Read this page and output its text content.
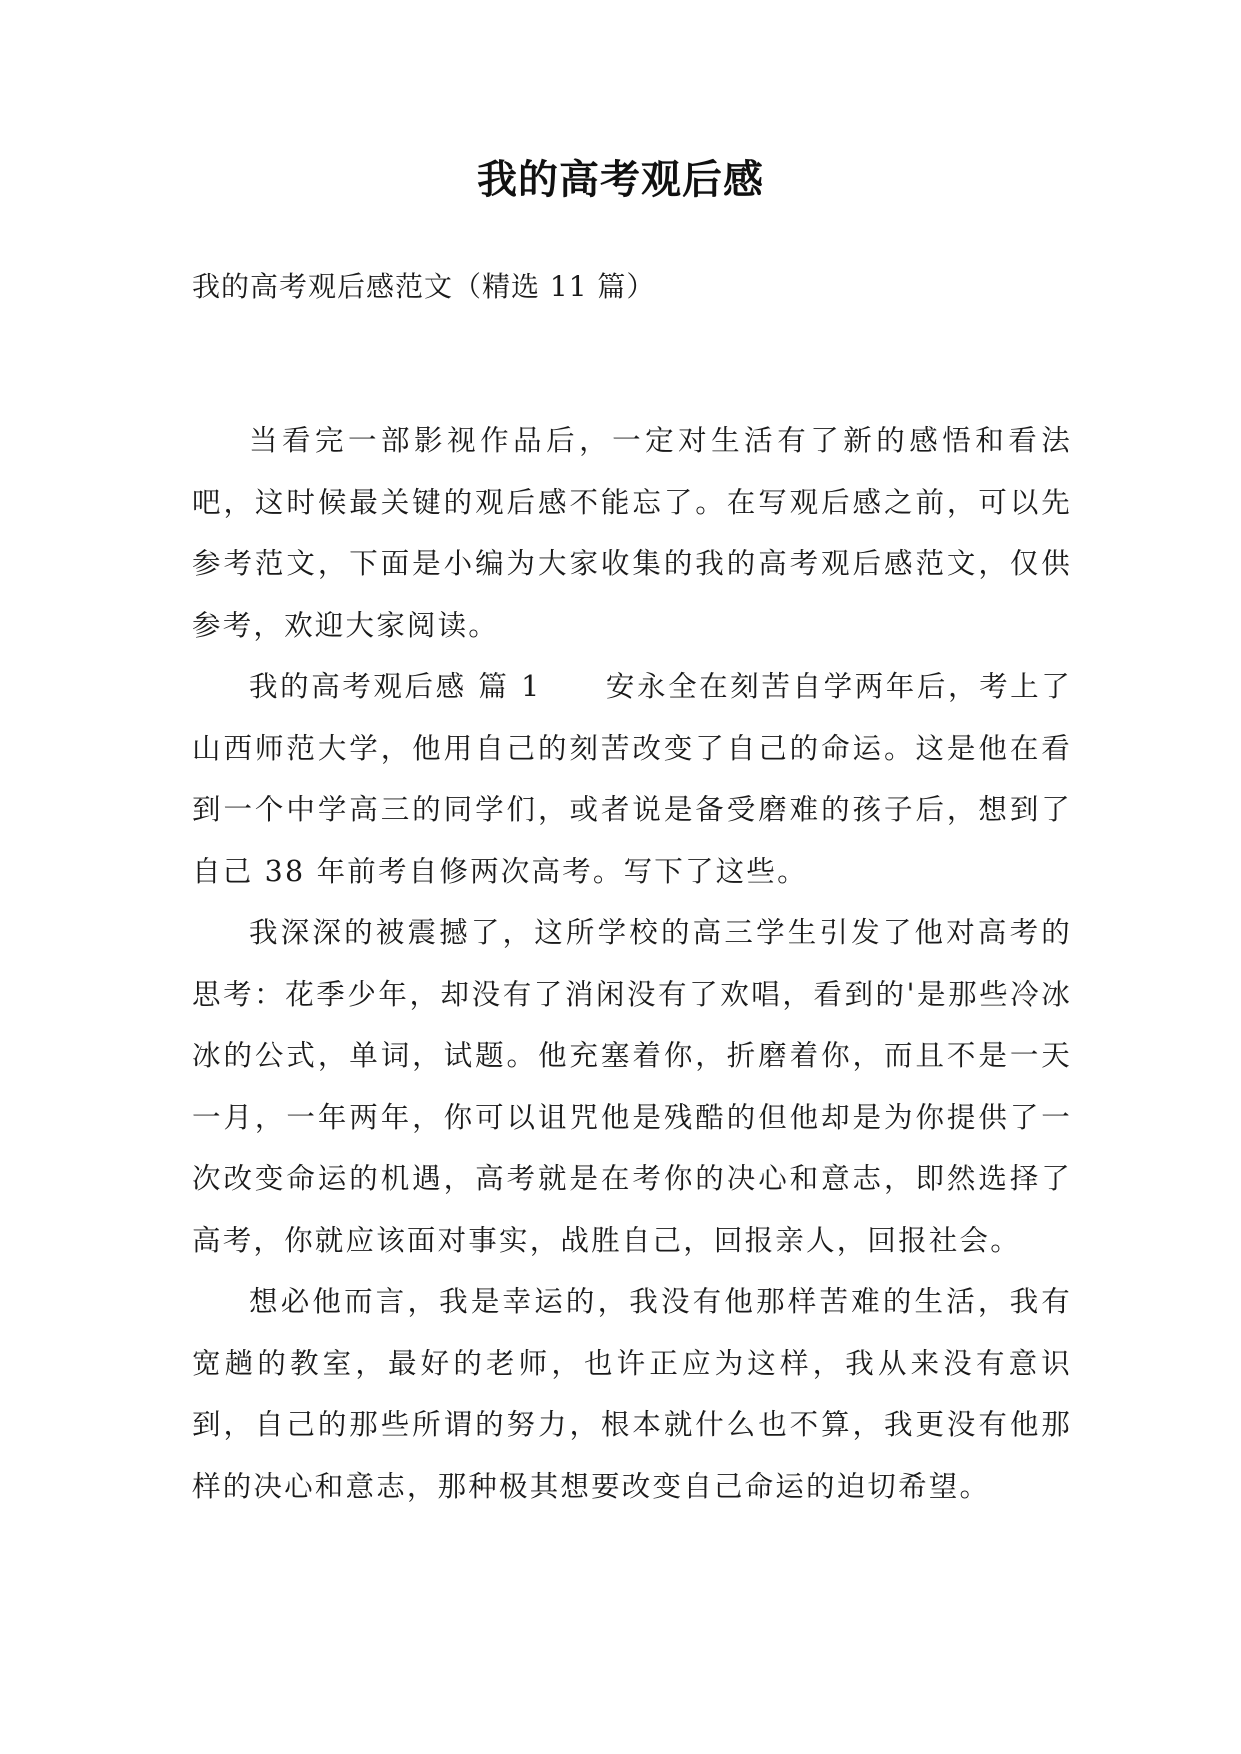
我的高考观后感
我的高考观后感范文（精选 11 篇）

当看完一部影视作品后，一定对生活有了新的感悟和看法吧，这时候最关键的观后感不能忘了。在写观后感之前，可以先参考范文，下面是小编为大家收集的我的高考观后感范文，仅供参考，欢迎大家阅读。

我的高考观后感 篇 1 安永全在刻苦自学两年后，考上了山西师范大学，他用自己的刻苦改变了自己的命运。这是他在看到一个中学高三的同学们，或者说是备受磨难的孩子后，想到了自己 38 年前考自修两次高考。写下了这些。

我深深的被震撼了，这所学校的高三学生引发了他对高考的思考：花季少年，却没有了消闲没有了欢唱，看到的'是那些冷冰冰的公式，单词，试题。他充塞着你，折磨着你，而且不是一天一月，一年两年，你可以诅咒他是残酷的但他却是为你提供了一次改变命运的机遇，高考就是在考你的决心和意志，即然选择了高考，你就应该面对事实，战胜自己，回报亲人，回报社会。

想必他而言，我是幸运的，我没有他那样苦难的生活，我有宽趟的教室，最好的老师，也许正应为这样，我从来没有意识到，自己的那些所谓的努力，根本就什么也不算，我更没有他那样的决心和意志，那种极其想要改变自己命运的迫切希望。
